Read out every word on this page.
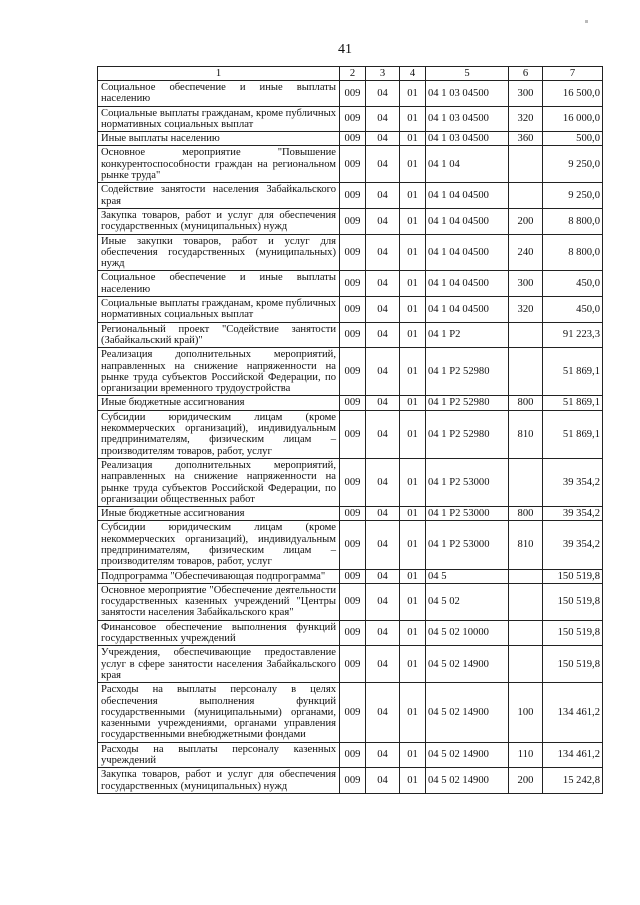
41
1	2	3	4	5	6	7
Социальное обеспечение и иные выплаты населению	009	04	01	04 1 03 04500	300	16 500,0
Социальные выплаты гражданам, кроме публичных нормативных социальных выплат	009	04	01	04 1 03 04500	320	16 000,0
Иные выплаты населению	009	04	01	04 1 03 04500	360	500,0
Основное мероприятие "Повышение конкурентоспособности граждан на региональном рынке труда"	009	04	01	04 1 04		9 250,0
Содействие занятости населения Забайкальского края	009	04	01	04 1 04 04500		9 250,0
Закупка товаров, работ и услуг для обеспечения государственных (муниципальных) нужд	009	04	01	04 1 04 04500	200	8 800,0
Иные закупки товаров, работ и услуг для обеспечения государственных (муниципальных) нужд	009	04	01	04 1 04 04500	240	8 800,0
Социальное обеспечение и иные выплаты населению	009	04	01	04 1 04 04500	300	450,0
Социальные выплаты гражданам, кроме публичных нормативных социальных выплат	009	04	01	04 1 04 04500	320	450,0
Региональный проект "Содействие занятости (Забайкальский край)"	009	04	01	04 1 P2		91 223,3
Реализация дополнительных мероприятий, направленных на снижение напряженности на рынке труда субъектов Российской Федерации, по организации временного трудоустройства	009	04	01	04 1 P2 52980		51 869,1
Иные бюджетные ассигнования	009	04	01	04 1 P2 52980	800	51 869,1
Субсидии юридическим лицам (кроме некоммерческих организаций), индивидуальным предпринимателям, физическим лицам – производителям товаров, работ, услуг	009	04	01	04 1 P2 52980	810	51 869,1
Реализация дополнительных мероприятий, направленных на снижение напряженности на рынке труда субъектов Российской Федерации, по организации общественных работ	009	04	01	04 1 P2 53000		39 354,2
Иные бюджетные ассигнования	009	04	01	04 1 P2 53000	800	39 354,2
Субсидии юридическим лицам (кроме некоммерческих организаций), индивидуальным предпринимателям, физическим лицам – производителям товаров, работ, услуг	009	04	01	04 1 P2 53000	810	39 354,2
Подпрограмма "Обеспечивающая подпрограмма"	009	04	01	04 5		150 519,8
Основное мероприятие "Обеспечение деятельности государственных казенных учреждений "Центры занятости населения Забайкальского края"	009	04	01	04 5 02		150 519,8
Финансовое обеспечение выполнения функций государственных учреждений	009	04	01	04 5 02 10000		150 519,8
Учреждения, обеспечивающие предоставление услуг в сфере занятости населения Забайкальского края	009	04	01	04 5 02 14900		150 519,8
Расходы на выплаты персоналу в целях обеспечения выполнения функций государственными (муниципальными) органами, казенными учреждениями, органами управления государственными внебюджетными фондами	009	04	01	04 5 02 14900	100	134 461,2
Расходы на выплаты персоналу казенных учреждений	009	04	01	04 5 02 14900	110	134 461,2
Закупка товаров, работ и услуг для обеспечения государственных (муниципальных) нужд	009	04	01	04 5 02 14900	200	15 242,8
